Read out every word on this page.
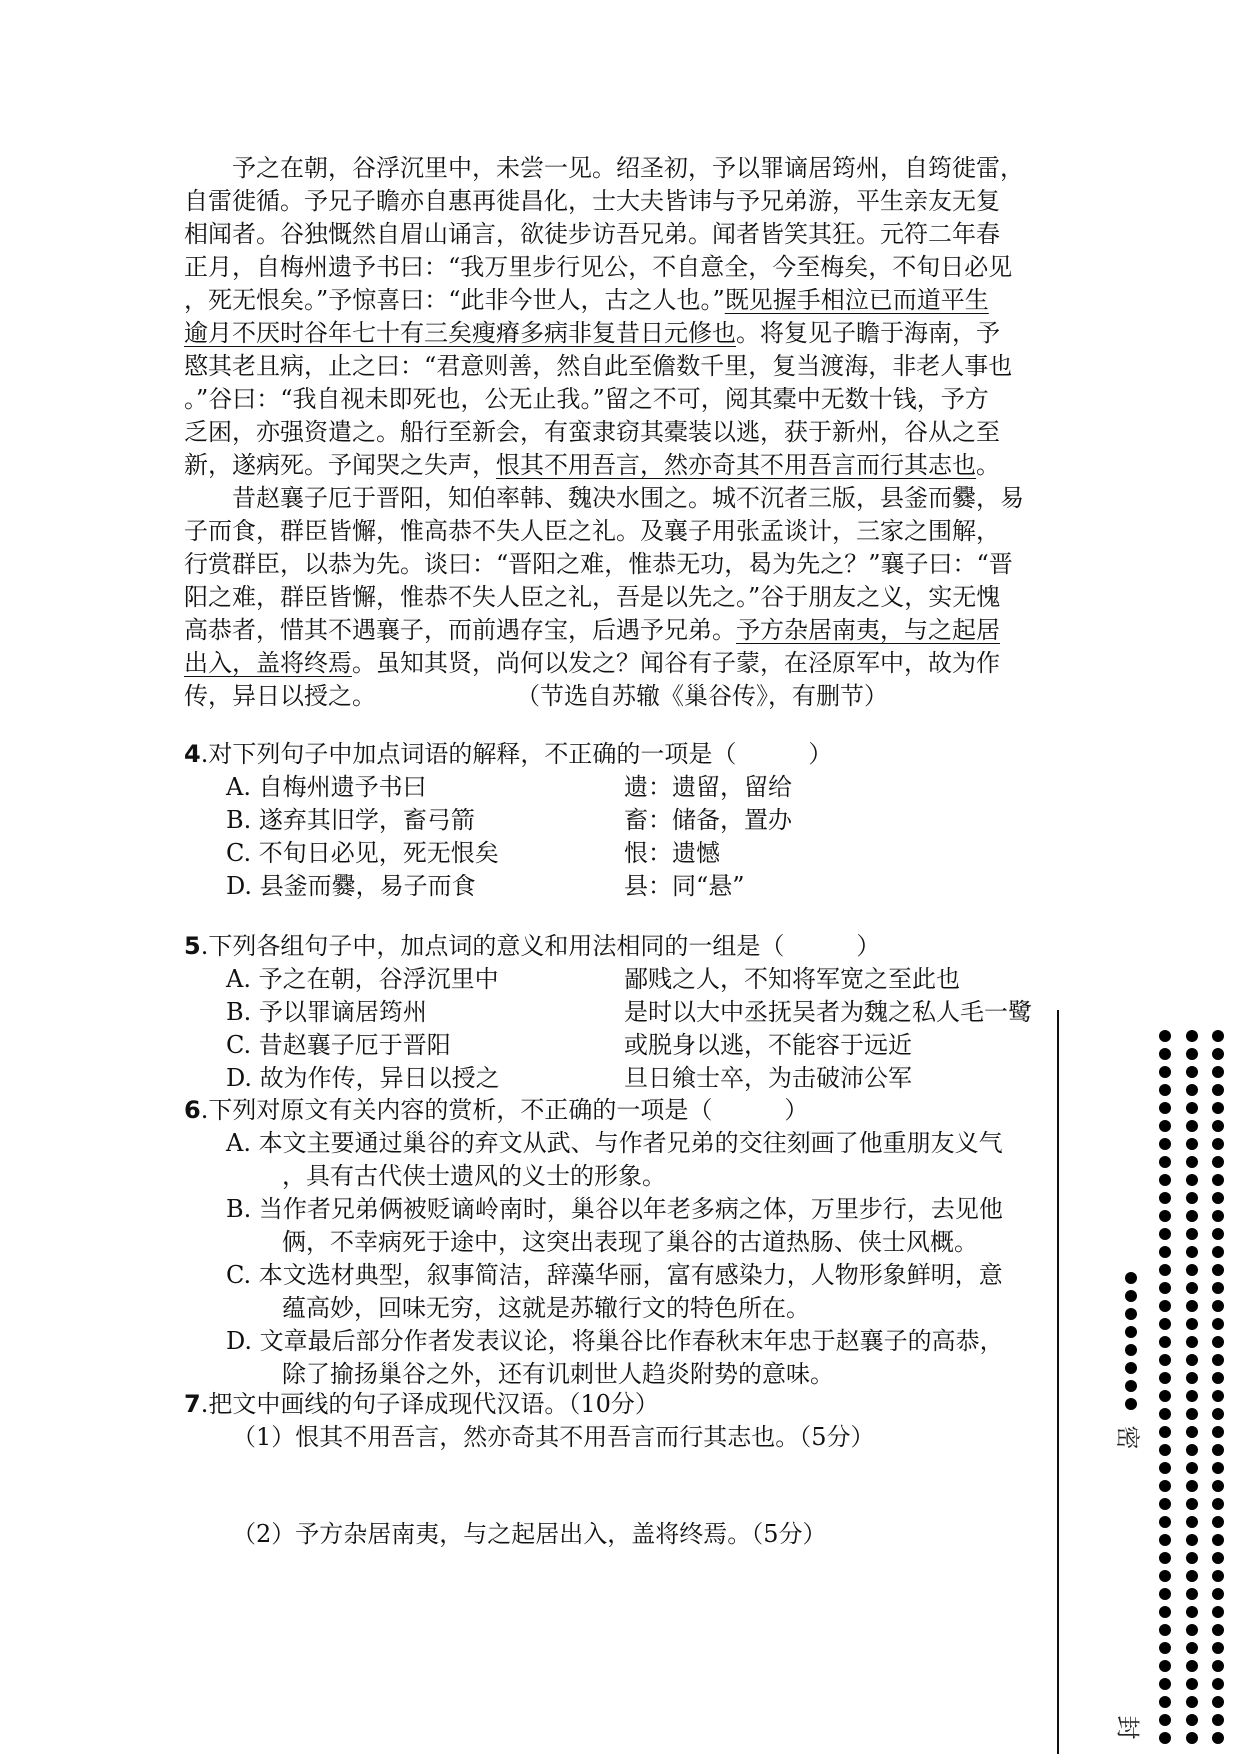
予之在朝，谷浮沉里中，未尝一见。绍圣初，予以罪谪居筠州，自筠徙雷，
自雷徙循。予兄子瞻亦自惠再徙昌化，士大夫皆讳与予兄弟游，平生亲友无复
相闻者。谷独慨然自眉山诵言，欲徒步访吾兄弟。闻者皆笑其狂。元符二年春
正月，自梅州遗予书曰：“我万里步行见公，不自意全，今至梅矣，不旬日必见
，死无恨矣。”予惊喜曰：“此非今世人，古之人也。”既见握手相泣已而道平生
逾月不厌时谷年七十有三矣瘦瘠多病非复昔日元修也。将复见子瞻于海南，予
愍其老且病，止之曰：“君意则善，然自此至儋数千里，复当渡海，非老人事也
。”谷曰：“我自视未即死也，公无止我。”留之不可，阅其橐中无数十钱，予方
乏困，亦强资遣之。船行至新会，有蛮隶窃其橐装以逃，获于新州，谷从之至
新，遂病死。予闻哭之失声，恨其不用吾言，然亦奇其不用吾言而行其志也。
昔赵襄子厄于晋阳，知伯率韩、魏决水围之。城不沉者三版，县釜而爨，易
子而食，群臣皆懈，惟高恭不失人臣之礼。及襄子用张孟谈计，三家之围解，
行赏群臣，以恭为先。谈曰：“晋阳之难，惟恭无功，曷为先之？”襄子曰：“晋
阳之难，群臣皆懈，惟恭不失人臣之礼，吾是以先之。”谷于朋友之义，实无愧
高恭者，惜其不遇襄子，而前遇存宝，后遇予兄弟。予方杂居南夷，与之起居
出入，盖将终焉。虽知其贤，尚何以发之？闻谷有子蒙，在泾原军中，故为作
传，异日以授之。	（节选自苏辙《巢谷传》，有删节）
4.对下列句子中加点词语的解释，不正确的一项是（　　　）
A. 自梅州遗予书曰	遗：遗留，留给
B. 遂弃其旧学，畜弓箭	畜：储备，置办
C. 不旬日必见，死无恨矣	恨：遗憾
D. 县釜而爨，易子而食	县：同“悬”
5.下列各组句子中，加点词的意义和用法相同的一组是（　　　）
A. 予之在朝，谷浮沉里中	鄙贱之人，不知将军宽之至此也
B. 予以罪谪居筠州	是时以大中丞抚吴者为魏之私人毛一鹭
C. 昔赵襄子厄于晋阳	或脱身以逃，不能容于远近
D. 故为作传，异日以授之	旦日飨士卒，为击破沛公军
6.下列对原文有关内容的赏析，不正确的一项是（　　　）
A. 本文主要通过巢谷的弃文从武、与作者兄弟的交往刻画了他重朋友义气
，具有古代侠士遗风的义士的形象。
B. 当作者兄弟俩被贬谪岭南时，巢谷以年老多病之体，万里步行，去见他
俩，不幸病死于途中，这突出表现了巢谷的古道热肠、侠士风概。
C. 本文选材典型，叙事简洁，辞藻华丽，富有感染力，人物形象鲜明，意
蕴高妙，回味无穷，这就是苏辙行文的特色所在。
D. 文章最后部分作者发表议论，将巢谷比作春秋末年忠于赵襄子的高恭，
除了揄扬巢谷之外，还有讥刺世人趋炎附势的意味。
7.把文中画线的句子译成现代汉语。（10分）
（1）恨其不用吾言，然亦奇其不用吾言而行其志也。（5分）
（2）予方杂居南夷，与之起居出入，盖将终焉。（5分）
密
封
